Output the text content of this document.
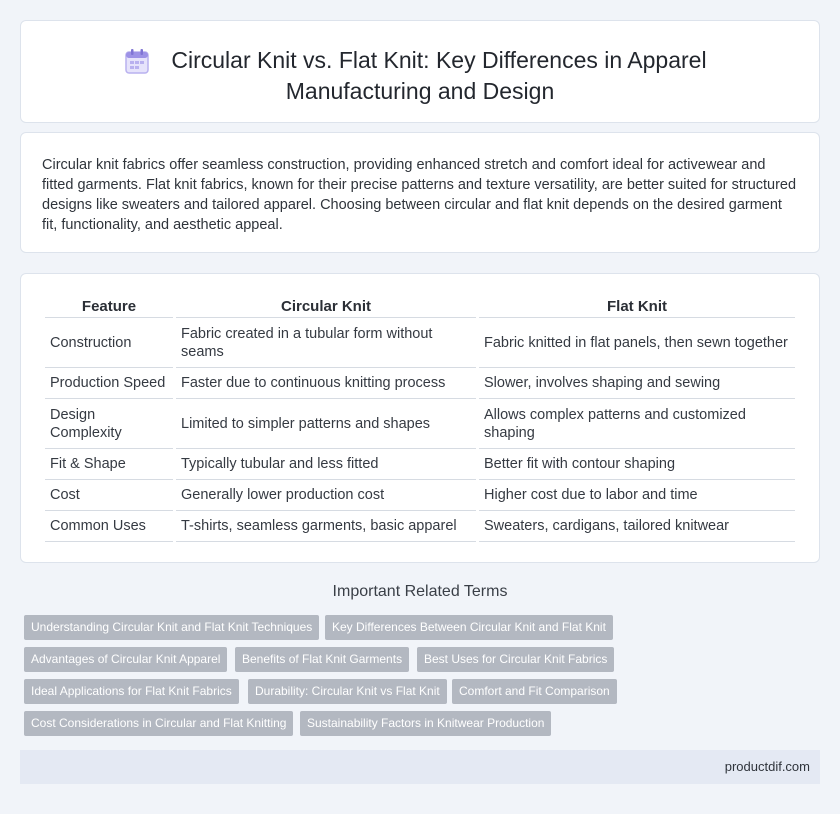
Circular Knit vs. Flat Knit: Key Differences in Apparel
Manufacturing and Design

Circular knit fabrics offer seamless construction, providing enhanced stretch and comfort ideal for activewear and fitted garments. Flat knit fabrics, known for their precise patterns and texture versatility, are better suited for structured designs like sweaters and tailored apparel. Choosing between circular and flat knit depends on the desired garment fit, functionality, and aesthetic appeal.

Feature	Circular Knit	Flat Knit
Construction	Fabric created in a tubular form without seams	Fabric knitted in flat panels, then sewn together
Production Speed	Faster due to continuous knitting process	Slower, involves shaping and sewing
Design Complexity	Limited to simpler patterns and shapes	Allows complex patterns and customized shaping
Fit & Shape	Typically tubular and less fitted	Better fit with contour shaping
Cost	Generally lower production cost	Higher cost due to labor and time
Common Uses	T-shirts, seamless garments, basic apparel	Sweaters, cardigans, tailored knitwear
Important Related Terms
Understanding Circular Knit and Flat Knit Techniques	Key Differences Between Circular Knit and Flat Knit
Advantages of Circular Knit Apparel	Benefits of Flat Knit Garments	Best Uses for Circular Knit Fabrics
Ideal Applications for Flat Knit Fabrics	Durability: Circular Knit vs Flat Knit	Comfort and Fit Comparison
Cost Considerations in Circular and Flat Knitting	Sustainability Factors in Knitwear Production
productdif.com
